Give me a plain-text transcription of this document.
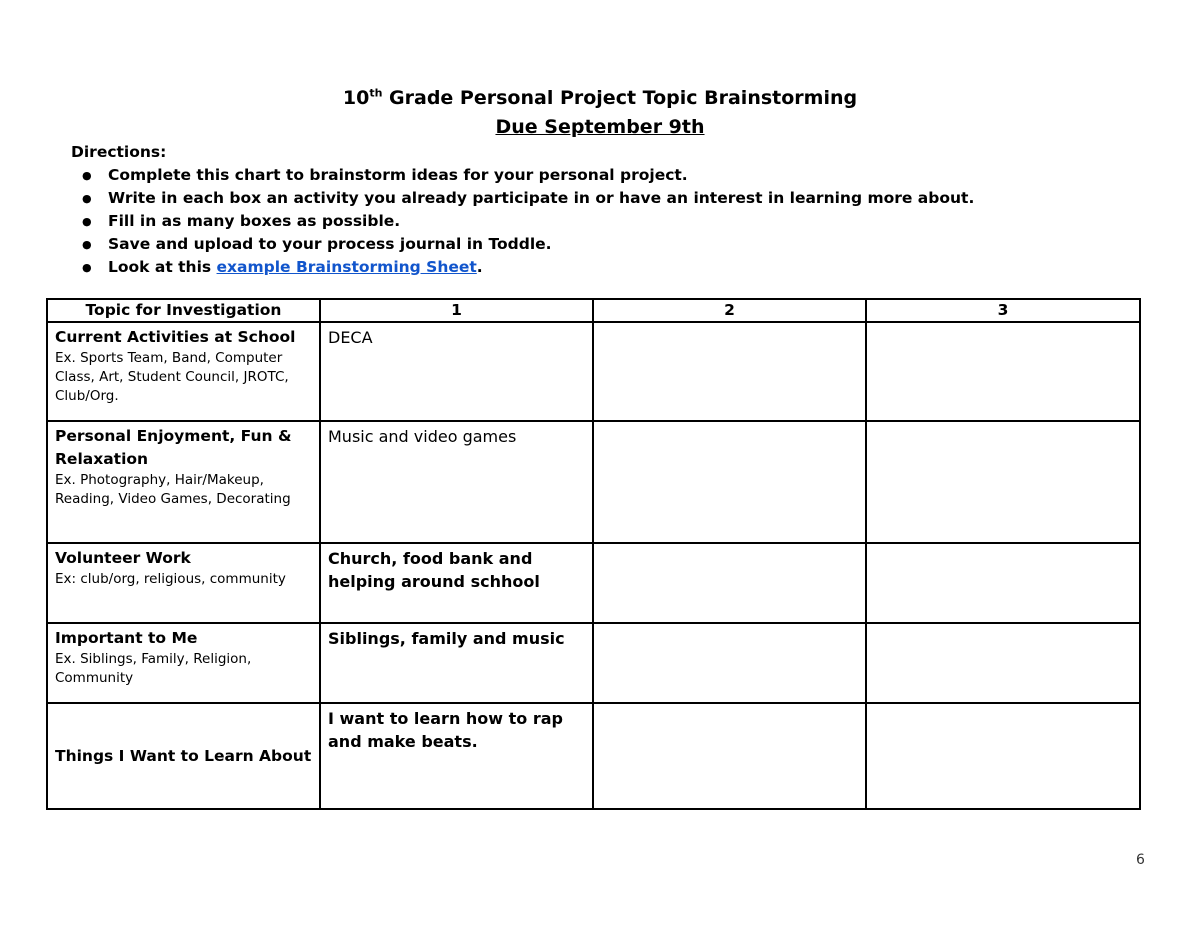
10th Grade Personal Project Topic Brainstorming
Due September 9th
Directions:
● Complete this chart to brainstorm ideas for your personal project.
● Write in each box an activity you already participate in or have an interest in learning more about.
● Fill in as many boxes as possible.
● Save and upload to your process journal in Toddle.
● Look at this example Brainstorming Sheet.
Topic for Investigation	1	2	3

Current Activities at School
Ex. Sports Team, Band, Computer Class, Art, Student Council, JROTC, Club/Org.	DECA		

Personal Enjoyment, Fun & Relaxation
Ex. Photography, Hair/Makeup, Reading, Video Games, Decorating	Music and video games		

Volunteer Work
Ex: club/org, religious, community	Church, food bank and helping around schhool		

Important to Me
Ex. Siblings, Family, Religion, Community	Siblings, family and music		

Things I Want to Learn About	I want to learn how to rap and make beats.		
6
